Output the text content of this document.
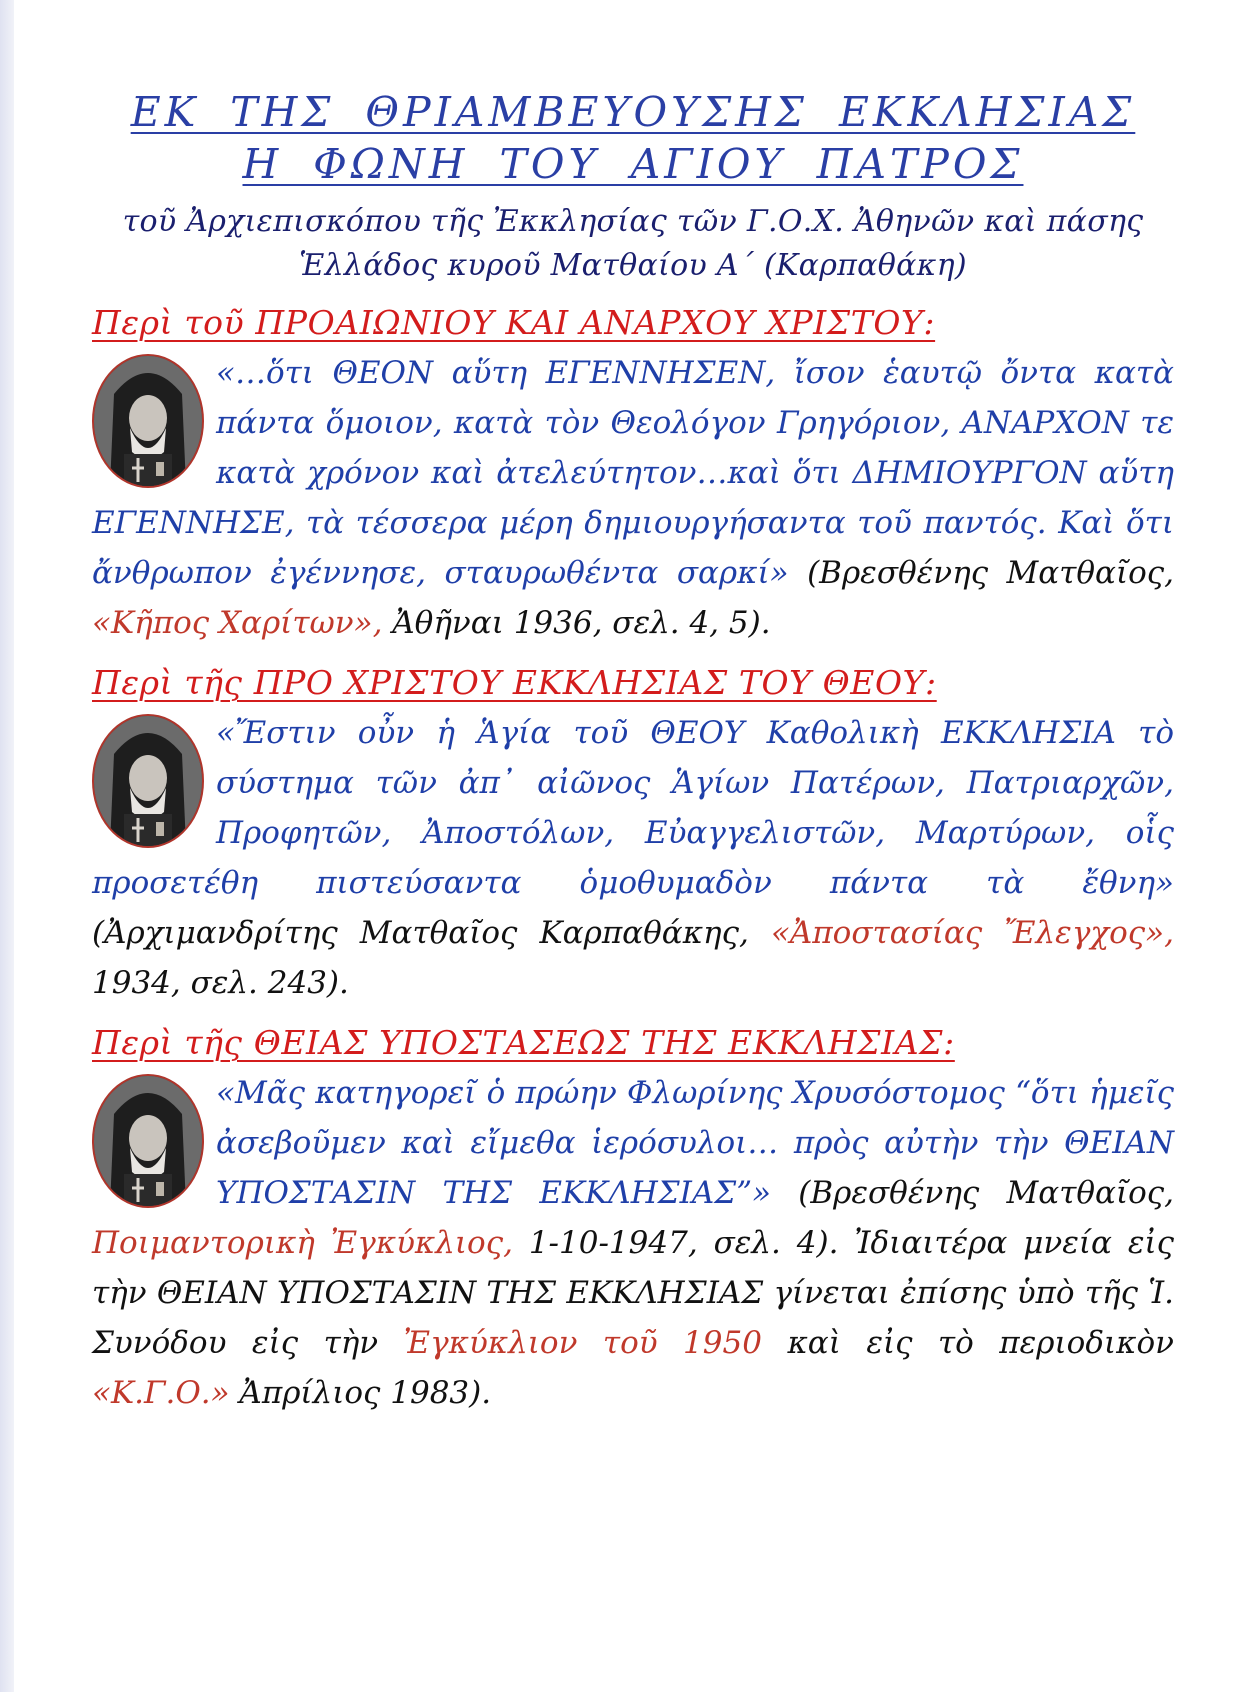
ΕΚ ΤΗΣ ΘΡΙΑΜΒΕΥΟΥΣΗΣ ΕΚΚΛΗΣΙΑΣ

Η ΦΩΝΗ ΤΟΥ ΑΓΙΟΥ ΠΑΤΡΟΣ

τοῦ Ἀρχιεπισκόπου τῆς Ἐκκλησίας τῶν Γ.Ο.Χ. Ἀθηνῶν καὶ πάσης
Ἑλλάδος κυροῦ Ματθαίου Α΄ (Καρπαθάκη)

Περὶ τοῦ ΠΡΟΑΙΩΝΙΟΥ ΚΑΙ ΑΝΑΡΧΟΥ ΧΡΙΣΤΟΥ:

«…ὅτι ΘΕΟΝ αὕτη ΕΓΕΝΝΗΣΕΝ, ἴσον ἑαυτῷ ὄντα κατὰ πάντα ὅμοιον, κατὰ τὸν Θεολόγον Γρηγόριον, ΑΝΑΡΧΟΝ τε κατὰ χρόνον καὶ ἀτελεύτητον…καὶ ὅτι ΔΗΜΙΟΥΡΓΟΝ αὕτη ΕΓΕΝΝΗΣΕ, τὰ τέσσερα μέρη δημιουργήσαντα τοῦ παντός. Καὶ ὅτι ἄνθρωπον ἐγέννησε, σταυρωθέντα σαρκί» (Βρεσθένης Ματθαῖος, «Κῆπος Χαρίτων», Ἀθῆναι 1936, σελ. 4, 5).

Περὶ τῆς ΠΡΟ ΧΡΙΣΤΟΥ ΕΚΚΛΗΣΙΑΣ ΤΟΥ ΘΕΟΥ:

«Ἔστιν οὖν ἡ Ἁγία τοῦ ΘΕΟΥ Καθολικὴ ΕΚΚΛΗΣΙΑ τὸ σύστημα τῶν ἀπ᾽ αἰῶνος Ἁγίων Πατέρων, Πατριαρχῶν, Προφητῶν, Ἀποστόλων, Εὐαγγελιστῶν, Μαρτύρων, οἷς προσετέθη πιστεύσαντα ὁμοθυμαδὸν πάντα τὰ ἔθνη» (Ἀρχιμανδρίτης Ματθαῖος Καρπαθάκης, «Ἀποστασίας Ἔλεγχος», 1934, σελ. 243).

Περὶ τῆς ΘΕΙΑΣ ΥΠΟΣΤΑΣΕΩΣ ΤΗΣ ΕΚΚΛΗΣΙΑΣ:

«Μᾶς κατηγορεῖ ὁ πρώην Φλωρίνης Χρυσόστομος “ὅτι ἡμεῖς ἀσεβοῦμεν καὶ εἴμεθα ἱερόσυλοι… πρὸς αὐτὴν τὴν ΘΕΙΑΝ ΥΠΟΣΤΑΣΙΝ ΤΗΣ ΕΚΚΛΗΣΙΑΣ”» (Βρεσθένης Ματθαῖος, Ποιμαντορικὴ Ἐγκύκλιος, 1-10-1947, σελ. 4). Ἰδιαιτέρα μνεία εἰς τὴν ΘΕΙΑΝ ΥΠΟΣΤΑΣΙΝ ΤΗΣ ΕΚΚΛΗΣΙΑΣ γίνεται ἐπίσης ὑπὸ τῆς Ἱ. Συνόδου εἰς τὴν Ἐγκύκλιον τοῦ 1950 καὶ εἰς τὸ περιοδικὸν «Κ.Γ.Ο.» Ἀπρίλιος 1983).
